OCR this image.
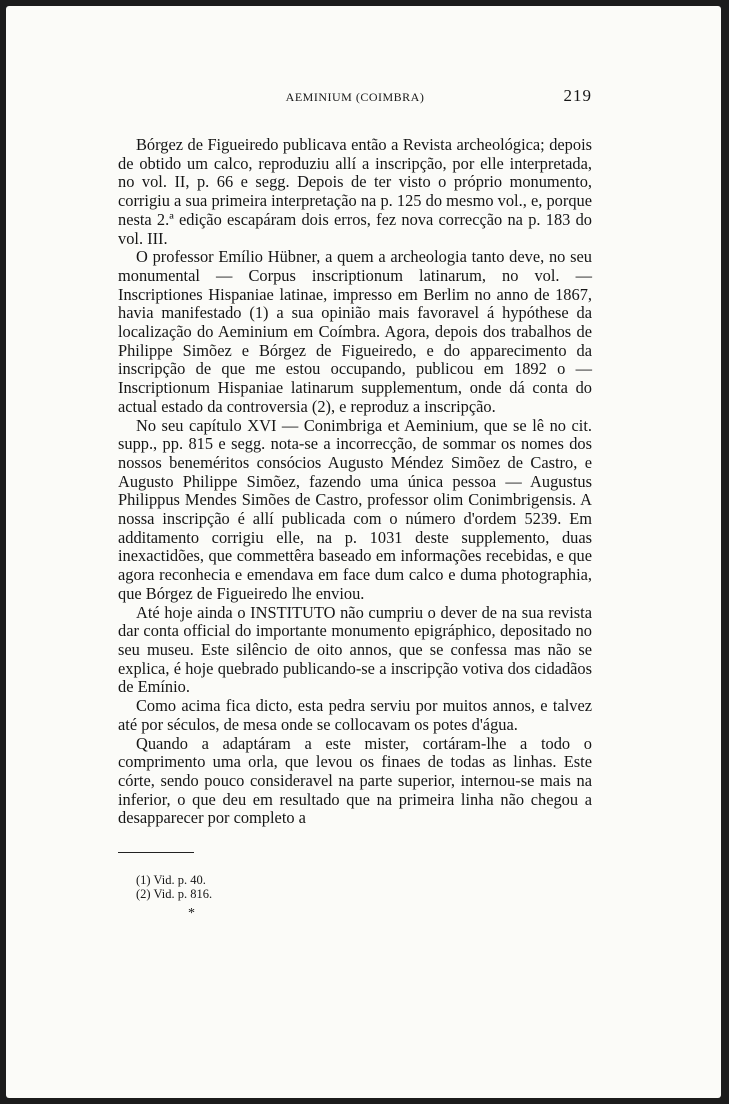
AEMINIUM (COIMBRA)	219

Bórgez de Figueiredo publicava então a Revista archeológica; depois de obtido um calco, reproduziu allí a inscripção, por elle interpretada, no vol. II, p. 66 e segg. Depois de ter visto o próprio monumento, corrigiu a sua primeira interpretação na p. 125 do mesmo vol., e, porque nesta 2.ª edição escapáram dois erros, fez nova correcção na p. 183 do vol. III.

O professor Emílio Hübner, a quem a archeologia tanto deve, no seu monumental — Corpus inscriptionum latinarum, no vol. — Inscriptiones Hispaniae latinae, impresso em Berlim no anno de 1867, havia manifestado (1) a sua opinião mais favoravel á hypóthese da localização do Aeminium em Coímbra. Agora, depois dos trabalhos de Philippe Simõez e Bórgez de Figueiredo, e do apparecimento da inscripção de que me estou occupando, publicou em 1892 o — Inscriptionum Hispaniae latinarum supplementum, onde dá conta do actual estado da controversia (2), e reproduz a inscripção.

No seu capítulo XVI — Conimbriga et Aeminium, que se lê no cit. supp., pp. 815 e segg. nota-se a incorrecção, de sommar os nomes dos nossos beneméritos consócios Augusto Méndez Simõez de Castro, e Augusto Philippe Simõez, fazendo uma única pessoa — Augustus Philippus Mendes Simões de Castro, professor olim Conimbrigensis. A nossa inscripção é allí publicada com o número d'ordem 5239. Em additamento corrigiu elle, na p. 1031 deste supplemento, duas inexactidões, que commettêra baseado em informações recebidas, e que agora reconhecia e emendava em face dum calco e duma photographia, que Bórgez de Figueiredo lhe enviou.

Até hoje ainda o INSTITUTO não cumpriu o dever de na sua revista dar conta official do importante monumento epigráphico, depositado no seu museu. Este silêncio de oito annos, que se confessa mas não se explica, é hoje quebrado publicando-se a inscripção votiva dos cidadãos de Emínio.

Como acima fica dicto, esta pedra serviu por muitos annos, e talvez até por séculos, de mesa onde se collocavam os potes d'água.

Quando a adaptáram a este mister, cortáram-lhe a todo o comprimento uma orla, que levou os finaes de todas as linhas. Este córte, sendo pouco consideravel na parte superior, internou-se mais na inferior, o que deu em resultado que na primeira linha não chegou a desapparecer por completo a

(1) Vid. p. 40.
(2) Vid. p. 816.
*
